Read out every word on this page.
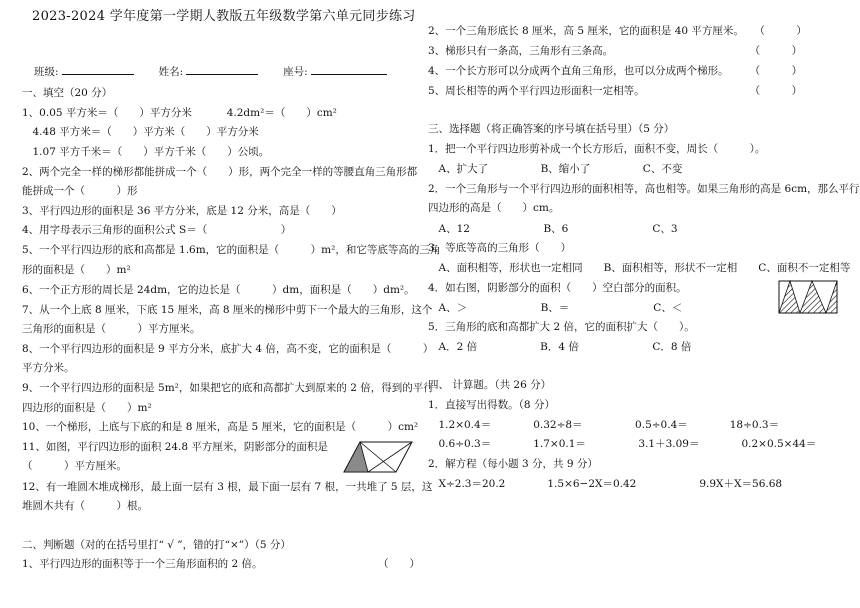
2023-2024 学年度第一学期人教版五年级数学第六单元同步练习
班级:	姓名:	座号:
一、填空（20 分）
1、0.05 平方米＝（　　）平方分米　　　 4.2dm²＝（　　）cm²
　4.48 平方米＝（　　）平方米（　　）平方分米
　1.07 平方千米＝（　　）平方千米（　　）公顷。
2、两个完全一样的梯形都能拼成一个（　　）形，两个完全一样的等腰直角三角形都
能拼成一个（　　　）形
3、平行四边形的面积是 36 平方分米，底是 12 分米，高是（　　）
4、用字母表示三角形的面积公式 S＝（　　　　　　　）
5、一个平行四边形的底和高都是 1.6m，它的面积是（　　　）m²，和它等底等高的三角
形的面积是（　　）m²
6、一个正方形的周长是 24dm，它的边长是（　　　）dm，面积是（　　）dm²。
7、从一个上底 8 厘米，下底 15 厘米，高 8 厘米的梯形中剪下一个最大的三角形，这个
三角形的面积是（　　　）平方厘米。
8、一个平行四边形的面积是 9 平方分米，底扩大 4 倍，高不变，它的面积是（　　　）
平方分米。
9、一个平行四边形的面积是 5m²，如果把它的底和高都扩大到原来的 2 倍，得到的平行
四边形的面积是（　　）m²
10、一个梯形，上底与下底的和是 8 厘米，高是 5 厘米，它的面积是（　　　）cm²
11、如图，平行四边形的面积 24.8 平方厘米，阴影部分的面积是
（　　　）平方厘米。
12、有一堆圆木堆成梯形，最上面一层有 3 根，最下面一层有 7 根，一共堆了 5 层，这
堆圆木共有（　　　）根。
二、判断题（对的在括号里打“ √ ”，错的打“×”）（5 分）
1、平行四边形的面积等于一个三角形面积的 2 倍。　　　　　　　　　　　　（　　）
2、一个三角形底长 8 厘米，高 5 厘米，它的面积是 40 平方厘米。　　（　　　）
3、梯形只有一条高，三角形有三条高。　　　　　　　　　　　　　　（　　　）
4、一个长方形可以分成两个直角三角形，也可以分成两个梯形。　　　（　　　）
5、周长相等的两个平行四边形面积一定相等。　　　　　　　　　　　（　　　）
三、选择题（将正确答案的序号填在括号里）（5 分）
1．把一个平行四边形剪补成一个长方形后，面积不变，周长（　　　）。
　A、扩大了　　　　　B、缩小了　　　　　C、不变
2．一个三角形与一个平行四边形的面积相等，高也相等。如果三角形的高是 6cm，那么平行
四边形的高是（　　）cm。
　A、12　　　　　　　B、6　　　　　　　　C、3
3．等底等高的三角形（　　）
　A、面积相等，形状也一定相同　　B、面积相等，形状不一定相　　C、面积不一定相等
4．如右图，阴影部分的面积（　　）空白部分的面积。
　A、＞　　　　　　　B、＝　　　　　　　　C、＜
5．三角形的底和高都扩大 2 倍，它的面积扩大（　　）。
　A．2 倍　　　　　　B．4 倍　　　　　　　C．8 倍
四、 计算题。（共 26 分）
1．直接写出得数。（8 分）
　1.2×0.4＝　　　　0.32÷8＝　　　　　0.5÷0.4＝　　　　18÷0.3＝
　0.6÷0.3＝　　　　1.7×0.1＝　　　　　3.1＋3.09＝　　　　0.2×0.5×44＝
2．解方程（每小题 3 分，共 9 分）
　X÷2.3＝20.2　　　　1.5×6−2X＝0.42　　　　　　9.9X＋X＝56.68
